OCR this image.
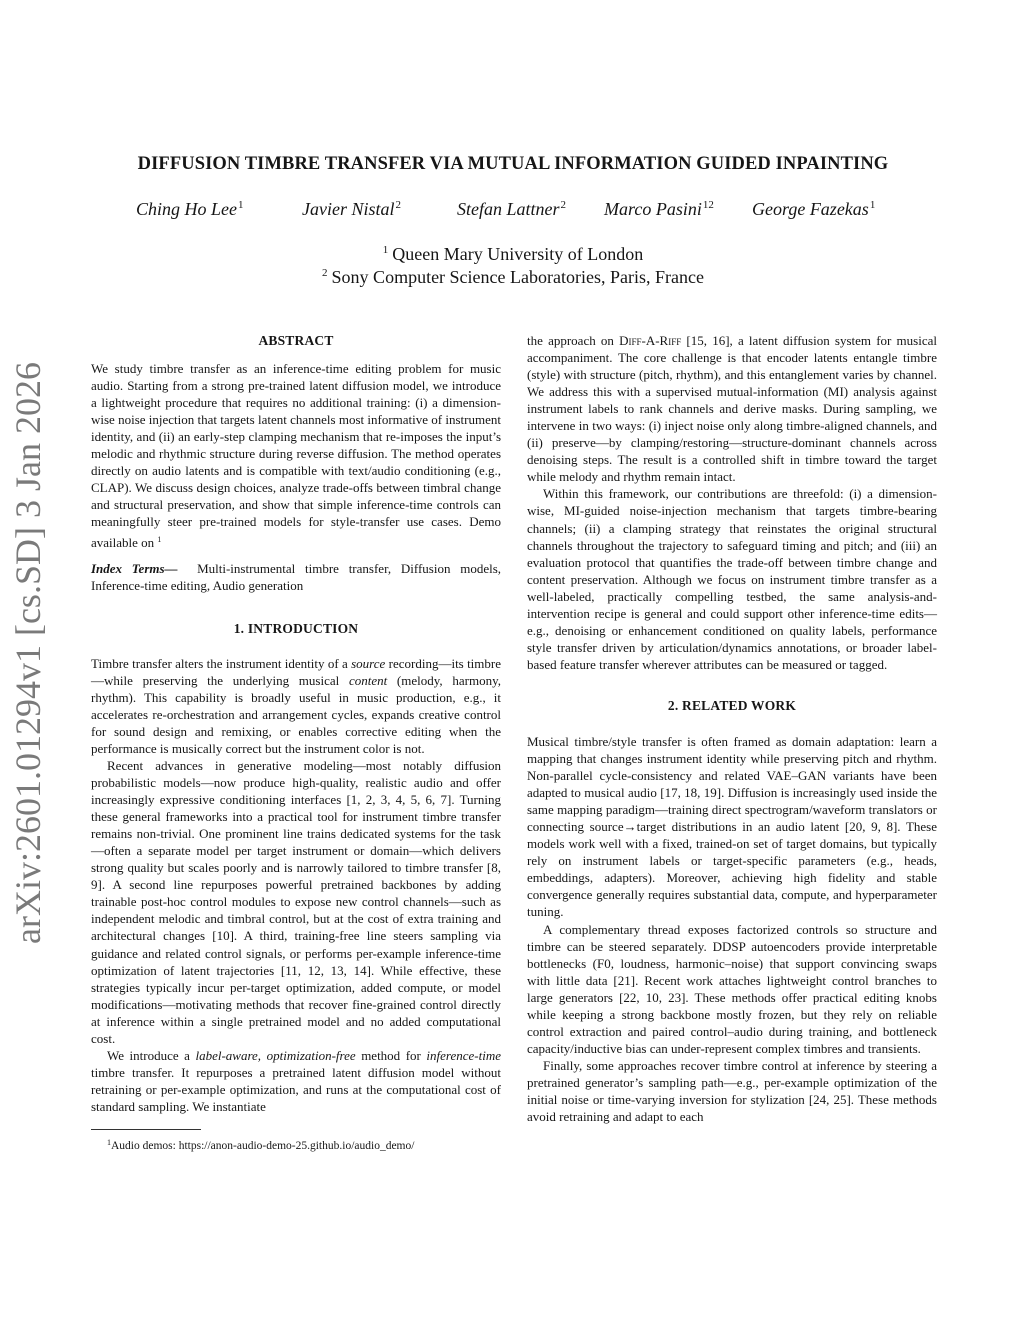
arXiv:2601.01294v1 [cs.SD] 3 Jan 2026
DIFFUSION TIMBRE TRANSFER VIA MUTUAL INFORMATION GUIDED INPAINTING
Ching Ho Lee$^1$	Javier Nistal$^2$	Stefan Lattner$^2$ Marco Pasini$^{12}$ George Fazekas$^1$
$^1$ Queen Mary University of London
$^2$ Sony Computer Science Laboratories, Paris, France
ABSTRACT

We study timbre transfer as an inference-time editing problem for music audio. Starting from a strong pre-trained latent diffusion model, we introduce a lightweight procedure that requires no additional training: (i) a dimension-wise noise injection that targets latent channels most informative of instrument identity, and (ii) an early-step clamping mechanism that re-imposes the input’s melodic and rhythmic structure during reverse diffusion. The method operates directly on audio latents and is compatible with text/audio conditioning (e.g., CLAP). We discuss design choices, analyze trade-offs between timbral change and structural preservation, and show that simple inference-time controls can meaningfully steer pre-trained models for style-transfer use cases. Demo available on $^1$

Index Terms— Multi-instrumental timbre transfer, Diffusion models, Inference-time editing, Audio generation

1. INTRODUCTION

Timbre transfer alters the instrument identity of a source recording—its timbre—while preserving the underlying musical content (melody, harmony, rhythm). This capability is broadly useful in music production, e.g., it accelerates re-orchestration and arrangement cycles, expands creative control for sound design and remixing, or enables corrective editing when the performance is musically correct but the instrument color is not.

Recent advances in generative modeling—most notably diffusion probabilistic models—now produce high-quality, realistic audio and offer increasingly expressive conditioning interfaces [1, 2, 3, 4, 5, 6, 7]. Turning these general frameworks into a practical tool for instrument timbre transfer remains non-trivial. One prominent line trains dedicated systems for the task—often a separate model per target instrument or domain—which delivers strong quality but scales poorly and is narrowly tailored to timbre transfer [8, 9]. A second line repurposes powerful pretrained backbones by adding trainable post-hoc control modules to expose new control channels—such as independent melodic and timbral control, but at the cost of extra training and architectural changes [10]. A third, training-free line steers sampling via guidance and related control signals, or performs per-example inference-time optimization of latent trajectories [11, 12, 13, 14]. While effective, these strategies typically incur per-target optimization, added compute, or model modifications—motivating methods that recover fine-grained control directly at inference within a single pretrained model and no added computational cost.

We introduce a label-aware, optimization-free method for inference-time timbre transfer. It repurposes a pretrained latent diffusion model without retraining or per-example optimization, and runs at the computational cost of standard sampling. We instantiate

$^1$Audio demos: https://anon-audio-demo-25.github.io/audio_demo/

the approach on Diff-A-Riff [15, 16], a latent diffusion system for musical accompaniment. The core challenge is that encoder latents entangle timbre (style) with structure (pitch, rhythm), and this entanglement varies by channel. We address this with a supervised mutual-information (MI) analysis against instrument labels to rank channels and derive masks. During sampling, we intervene in two ways: (i) inject noise only along timbre-aligned channels, and (ii) preserve—by clamping/restoring—structure-dominant channels across denoising steps. The result is a controlled shift in timbre toward the target while melody and rhythm remain intact.

Within this framework, our contributions are threefold: (i) a dimension-wise, MI-guided noise-injection mechanism that targets timbre-bearing channels; (ii) a clamping strategy that reinstates the original structural channels throughout the trajectory to safeguard timing and pitch; and (iii) an evaluation protocol that quantifies the trade-off between timbre change and content preservation. Although we focus on instrument timbre transfer as a well-labeled, practically compelling testbed, the same analysis-and-intervention recipe is general and could support other inference-time edits—e.g., denoising or enhancement conditioned on quality labels, performance style transfer driven by articulation/dynamics annotations, or broader label-based feature transfer wherever attributes can be measured or tagged.

2. RELATED WORK

Musical timbre/style transfer is often framed as domain adaptation: learn a mapping that changes instrument identity while preserving pitch and rhythm. Non-parallel cycle-consistency and related VAE–GAN variants have been adapted to musical audio [17, 18, 19]. Diffusion is increasingly used inside the same mapping paradigm—training direct spectrogram/waveform translators or connecting source→target distributions in an audio latent [20, 9, 8]. These models work well with a fixed, trained-on set of target domains, but typically rely on instrument labels or target-specific parameters (e.g., heads, embeddings, adapters). Moreover, achieving high fidelity and stable convergence generally requires substantial data, compute, and hyperparameter tuning.

A complementary thread exposes factorized controls so structure and timbre can be steered separately. DDSP autoencoders provide interpretable bottlenecks (F0, loudness, harmonic–noise) that support convincing swaps with little data [21]. Recent work attaches lightweight control branches to large generators [22, 10, 23]. These methods offer practical editing knobs while keeping a strong backbone mostly frozen, but they rely on reliable control extraction and paired control–audio during training, and bottleneck capacity/inductive bias can under-represent complex timbres and transients.

Finally, some approaches recover timbre control at inference by steering a pretrained generator’s sampling path—e.g., per-example optimization of the initial noise or time-varying inversion for stylization [24, 25]. These methods avoid retraining and adapt to each
